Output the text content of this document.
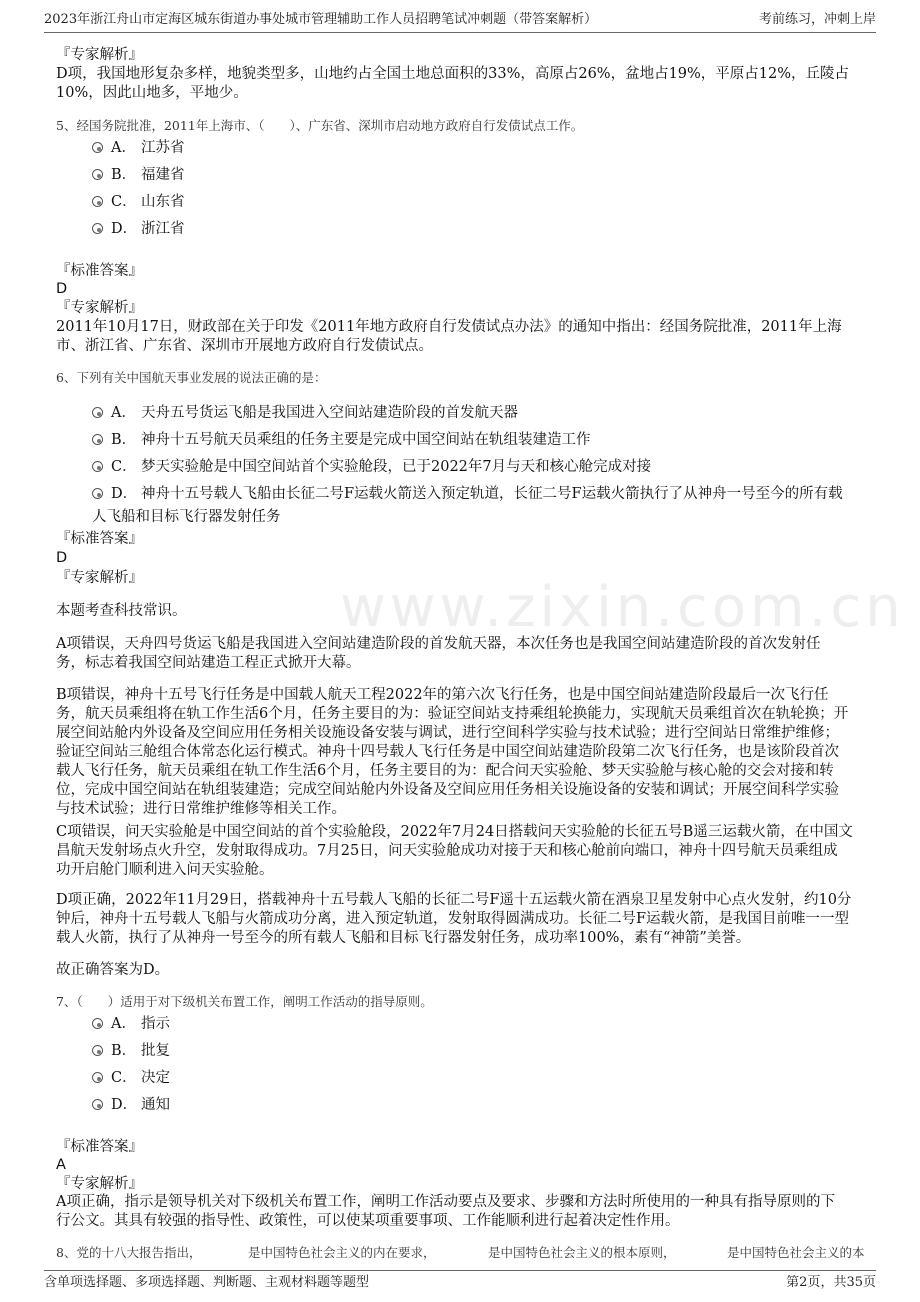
2023年浙江舟山市定海区城东街道办事处城市管理辅助工作人员招聘笔试冲刺题（带答案解析）	考前练习，冲刺上岸
www.zixin.com.cn
『专家解析』
D项，我国地形复杂多样，地貌类型多，山地约占全国土地总面积的33%，高原占26%，盆地占19%，平原占12%，丘陵占
10%，因此山地多，平地少。
5、经国务院批准，2011年上海市、（　　）、广东省、深圳市启动地方政府自行发债试点工作。
A． 江苏省
B． 福建省
C． 山东省
D． 浙江省
『标准答案』
D
『专家解析』
2011年10月17日，财政部在关于印发《2011年地方政府自行发债试点办法》的通知中指出：经国务院批准，2011年上海
市、浙江省、广东省、深圳市开展地方政府自行发债试点。
6、下列有关中国航天事业发展的说法正确的是：
A． 天舟五号货运飞船是我国进入空间站建造阶段的首发航天器
B． 神舟十五号航天员乘组的任务主要是完成中国空间站在轨组装建造工作
C． 梦天实验舱是中国空间站首个实验舱段，已于2022年7月与天和核心舱完成对接
D． 神舟十五号载人飞船由长征二号F运载火箭送入预定轨道，长征二号F运载火箭执行了从神舟一号至今的所有载
人飞船和目标飞行器发射任务
『标准答案』
D
『专家解析』
本题考查科技常识。
A项错误，天舟四号货运飞船是我国进入空间站建造阶段的首发航天器，本次任务也是我国空间站建造阶段的首次发射任
务，标志着我国空间站建造工程正式掀开大幕。
B项错误，神舟十五号飞行任务是中国载人航天工程2022年的第六次飞行任务，也是中国空间站建造阶段最后一次飞行任
务，航天员乘组将在轨工作生活6个月，任务主要目的为：验证空间站支持乘组轮换能力，实现航天员乘组首次在轨轮换；开
展空间站舱内外设备及空间应用任务相关设施设备安装与调试，进行空间科学实验与技术试验；进行空间站日常维护维修；
验证空间站三舱组合体常态化运行模式。神舟十四号载人飞行任务是中国空间站建造阶段第二次飞行任务，也是该阶段首次
载人飞行任务，航天员乘组在轨工作生活6个月，任务主要目的为：配合问天实验舱、梦天实验舱与核心舱的交会对接和转
位，完成中国空间站在轨组装建造；完成空间站舱内外设备及空间应用任务相关设施设备的安装和调试；开展空间科学实验
与技术试验；进行日常维护维修等相关工作。
C项错误，问天实验舱是中国空间站的首个实验舱段，2022年7月24日搭载问天实验舱的长征五号B遥三运载火箭，在中国文
昌航天发射场点火升空，发射取得成功。7月25日，问天实验舱成功对接于天和核心舱前向端口，神舟十四号航天员乘组成
功开启舱门顺利进入问天实验舱。
D项正确，2022年11月29日，搭载神舟十五号载人飞船的长征二号F遥十五运载火箭在酒泉卫星发射中心点火发射，约10分
钟后，神舟十五号载人飞船与火箭成功分离，进入预定轨道，发射取得圆满成功。长征二号F运载火箭，是我国目前唯一一型
载人火箭，执行了从神舟一号至今的所有载人飞船和目标飞行器发射任务，成功率100%，素有“神箭”美誉。
故正确答案为D。
7、（　　）适用于对下级机关布置工作，阐明工作活动的指导原则。
A． 指示
B． 批复
C． 决定
D． 通知
『标准答案』
A
『专家解析』
A项正确，指示是领导机关对下级机关布置工作，阐明工作活动要点及要求、步骤和方法时所使用的一种具有指导原则的下
行公文。其具有较强的指导性、政策性，可以使某项重要事项、工作能顺利进行起着决定性作用。
8、党的十八大报告指出，	是中国特色社会主义的内在要求，	是中国特色社会主义的根本原则，	是中国特色社会主义的本
含单项选择题、多项选择题、判断题、主观材料题等题型	第2页，共35页
